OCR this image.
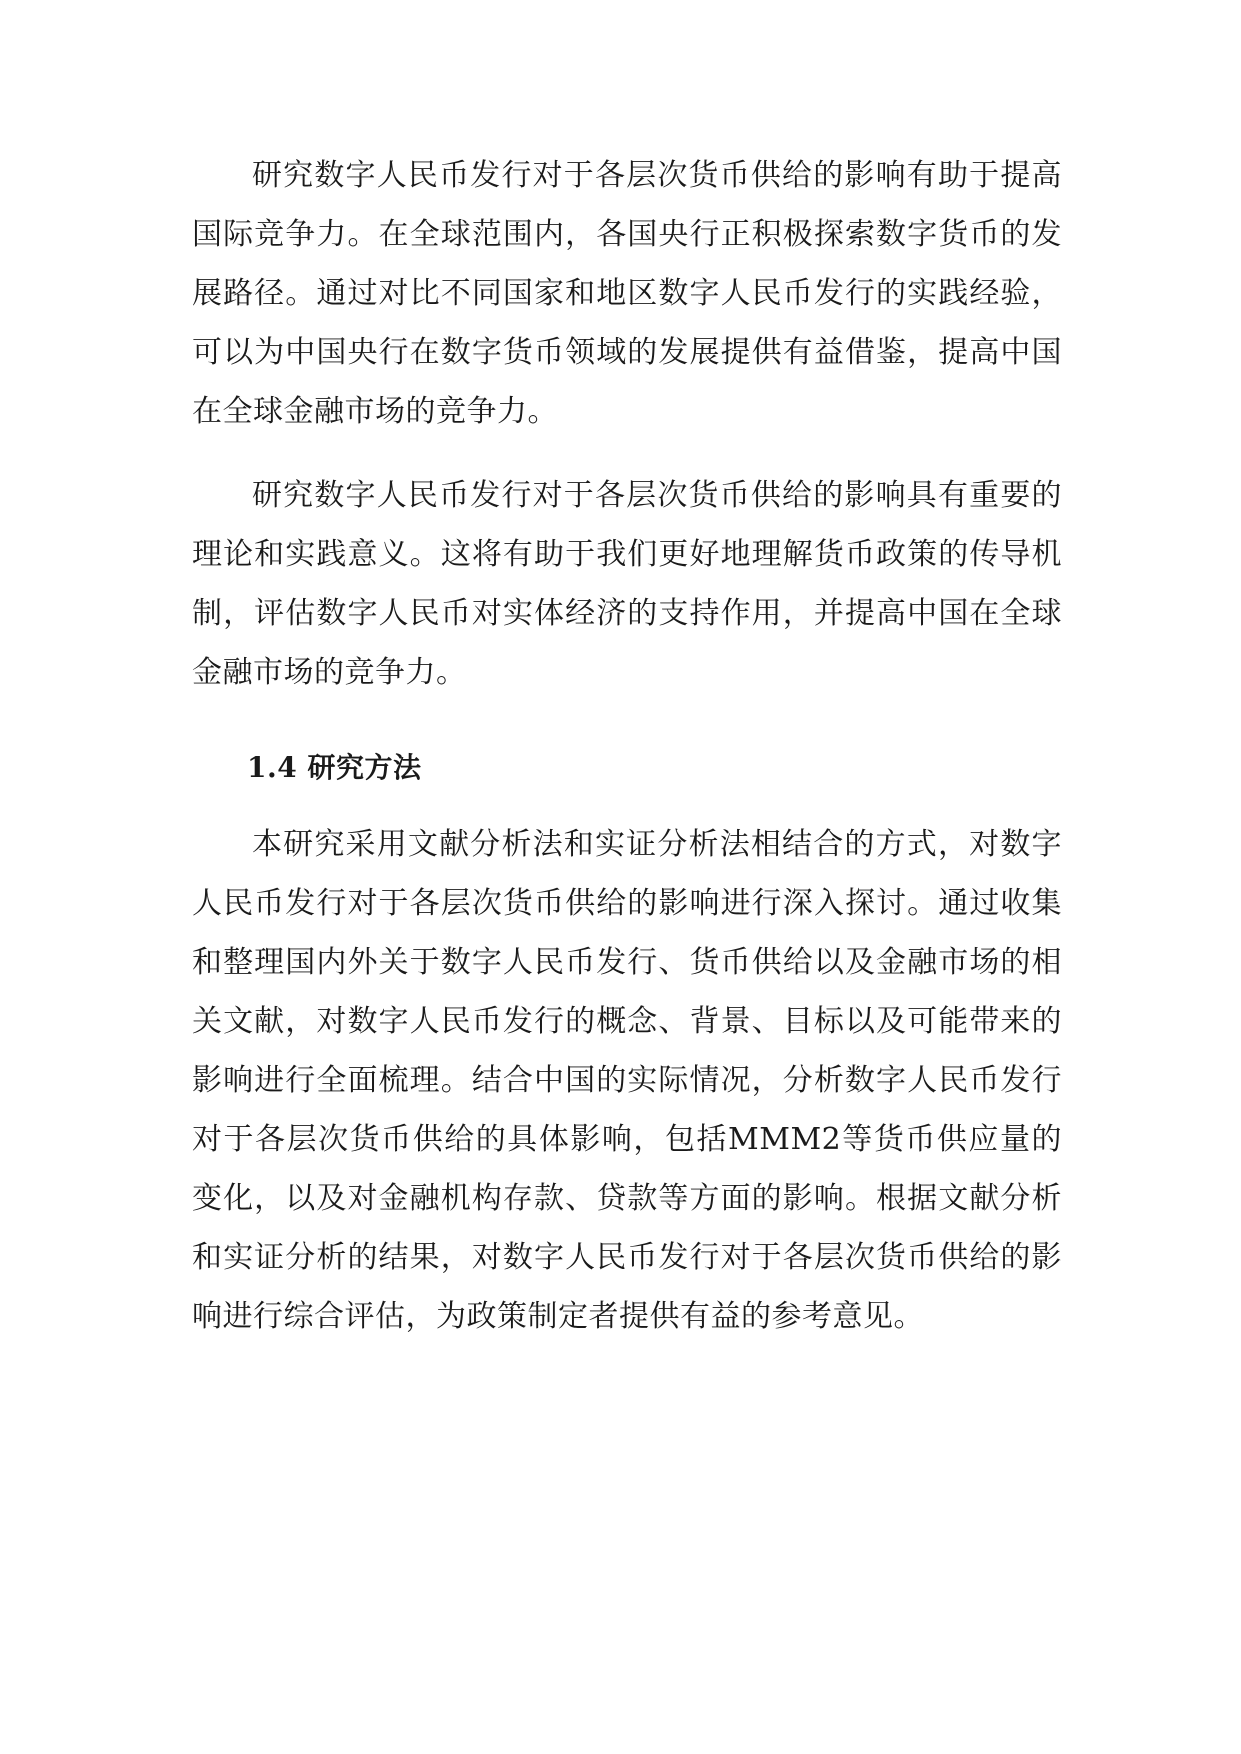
研究数字人民币发行对于各层次货币供给的影响有助于提高国际竞争力。在全球范围内，各国央行正积极探索数字货币的发展路径。通过对比不同国家和地区数字人民币发行的实践经验，可以为中国央行在数字货币领域的发展提供有益借鉴，提高中国在全球金融市场的竞争力。

研究数字人民币发行对于各层次货币供给的影响具有重要的理论和实践意义。这将有助于我们更好地理解货币政策的传导机制，评估数字人民币对实体经济的支持作用，并提高中国在全球金融市场的竞争力。

1.4 研究方法

本研究采用文献分析法和实证分析法相结合的方式，对数字人民币发行对于各层次货币供给的影响进行深入探讨。通过收集和整理国内外关于数字人民币发行、货币供给以及金融市场的相关文献，对数字人民币发行的概念、背景、目标以及可能带来的影响进行全面梳理。结合中国的实际情况，分析数字人民币发行对于各层次货币供给的具体影响，包括MMM2等货币供应量的变化，以及对金融机构存款、贷款等方面的影响。根据文献分析和实证分析的结果，对数字人民币发行对于各层次货币供给的影响进行综合评估，为政策制定者提供有益的参考意见。
